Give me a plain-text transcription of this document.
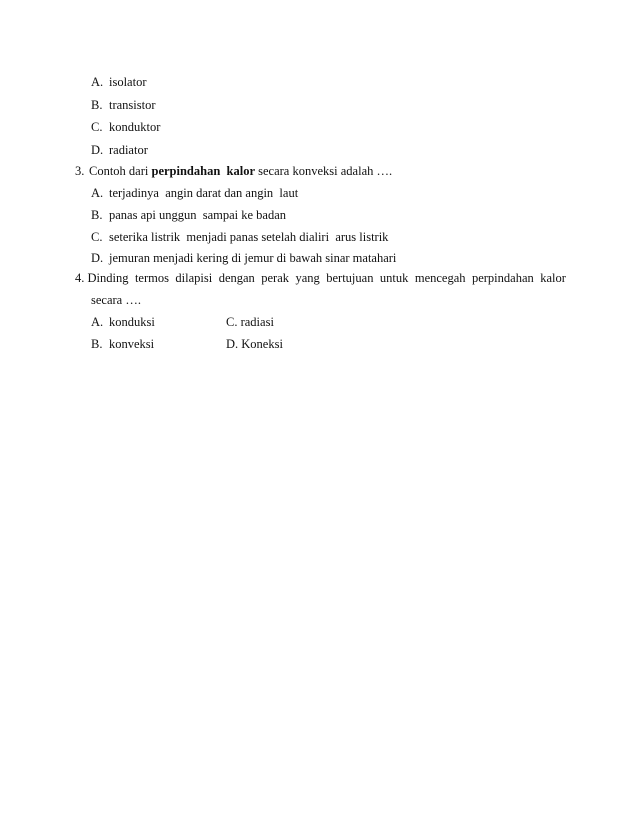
A. isolator
B. transistor
C. konduktor
D. radiator
3. Contoh dari perpindahan  kalor secara konveksi adalah ….
A. terjadinya  angin darat dan angin  laut
B. panas api unggun  sampai ke badan
C. seterika listrik  menjadi panas setelah dialiri  arus listrik
D. jemuran menjadi kering di jemur di bawah sinar matahari
4. Dinding termos dilapisi dengan perak yang bertujuan untuk mencegah perpindahan kalor
secara ….
A. konduksi	C. radiasi
B. konveksi	D. Koneksi
